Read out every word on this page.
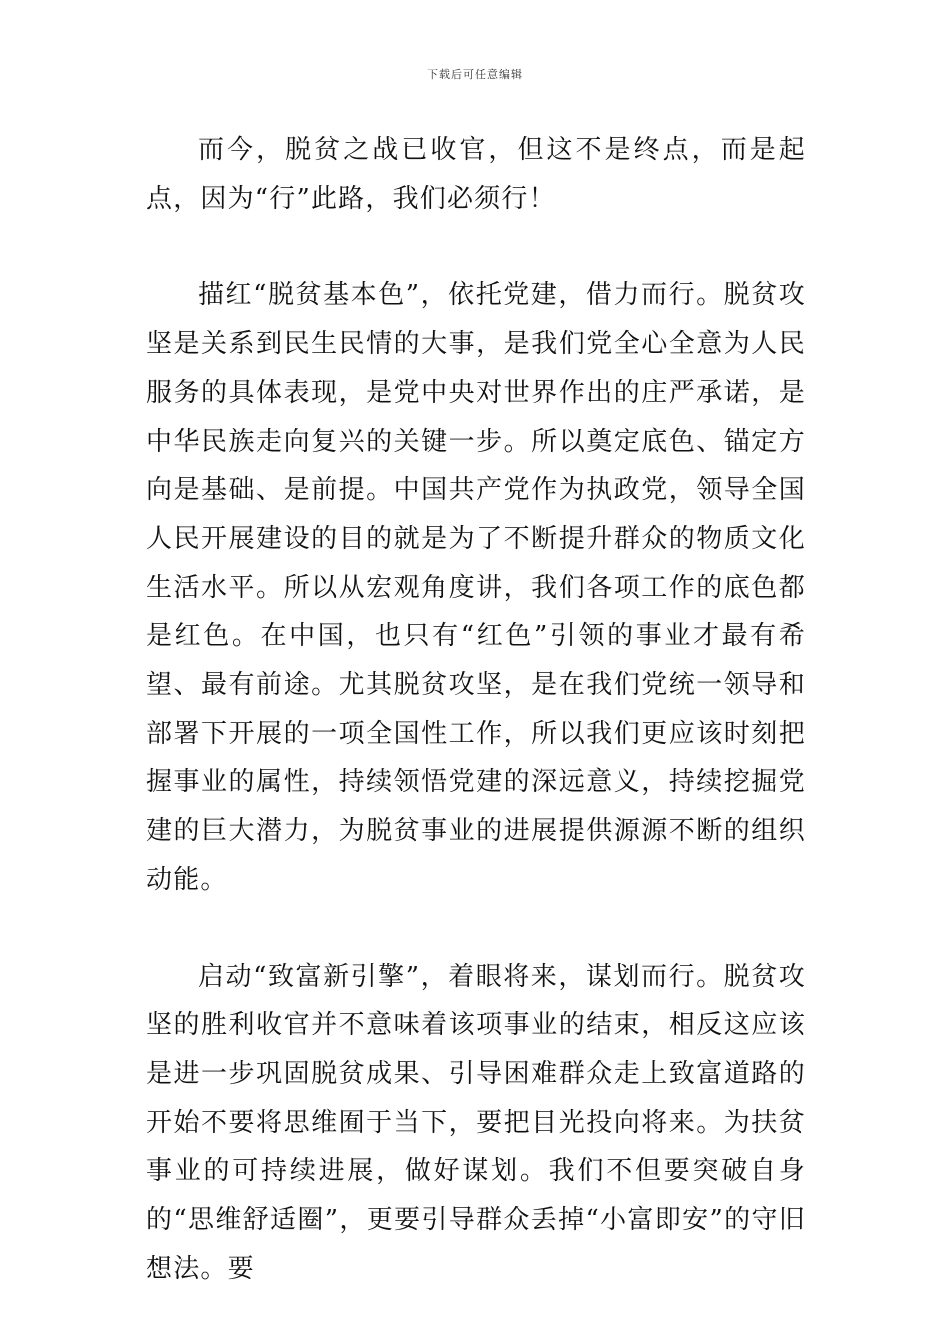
下载后可任意编辑

而今，脱贫之战已收官，但这不是终点，而是起点，因为“行”此路，我们必须行！

描红“脱贫基本色”，依托党建，借力而行。脱贫攻坚是关系到民生民情的大事，是我们党全心全意为人民服务的具体表现，是党中央对世界作出的庄严承诺，是中华民族走向复兴的关键一步。所以奠定底色、锚定方向是基础、是前提。中国共产党作为执政党，领导全国人民开展建设的目的就是为了不断提升群众的物质文化生活水平。所以从宏观角度讲，我们各项工作的底色都是红色。在中国，也只有“红色”引领的事业才最有希望、最有前途。尤其脱贫攻坚，是在我们党统一领导和部署下开展的一项全国性工作，所以我们更应该时刻把握事业的属性，持续领悟党建的深远意义，持续挖掘党建的巨大潜力，为脱贫事业的进展提供源源不断的组织动能。

启动“致富新引擎”，着眼将来，谋划而行。脱贫攻坚的胜利收官并不意味着该项事业的结束，相反这应该是进一步巩固脱贫成果、引导困难群众走上致富道路的开始不要将思维囿于当下，要把目光投向将来。为扶贫事业的可持续进展，做好谋划。我们不但要突破自身的“思维舒适圈”，更要引导群众丢掉“小富即安”的守旧想法。要
